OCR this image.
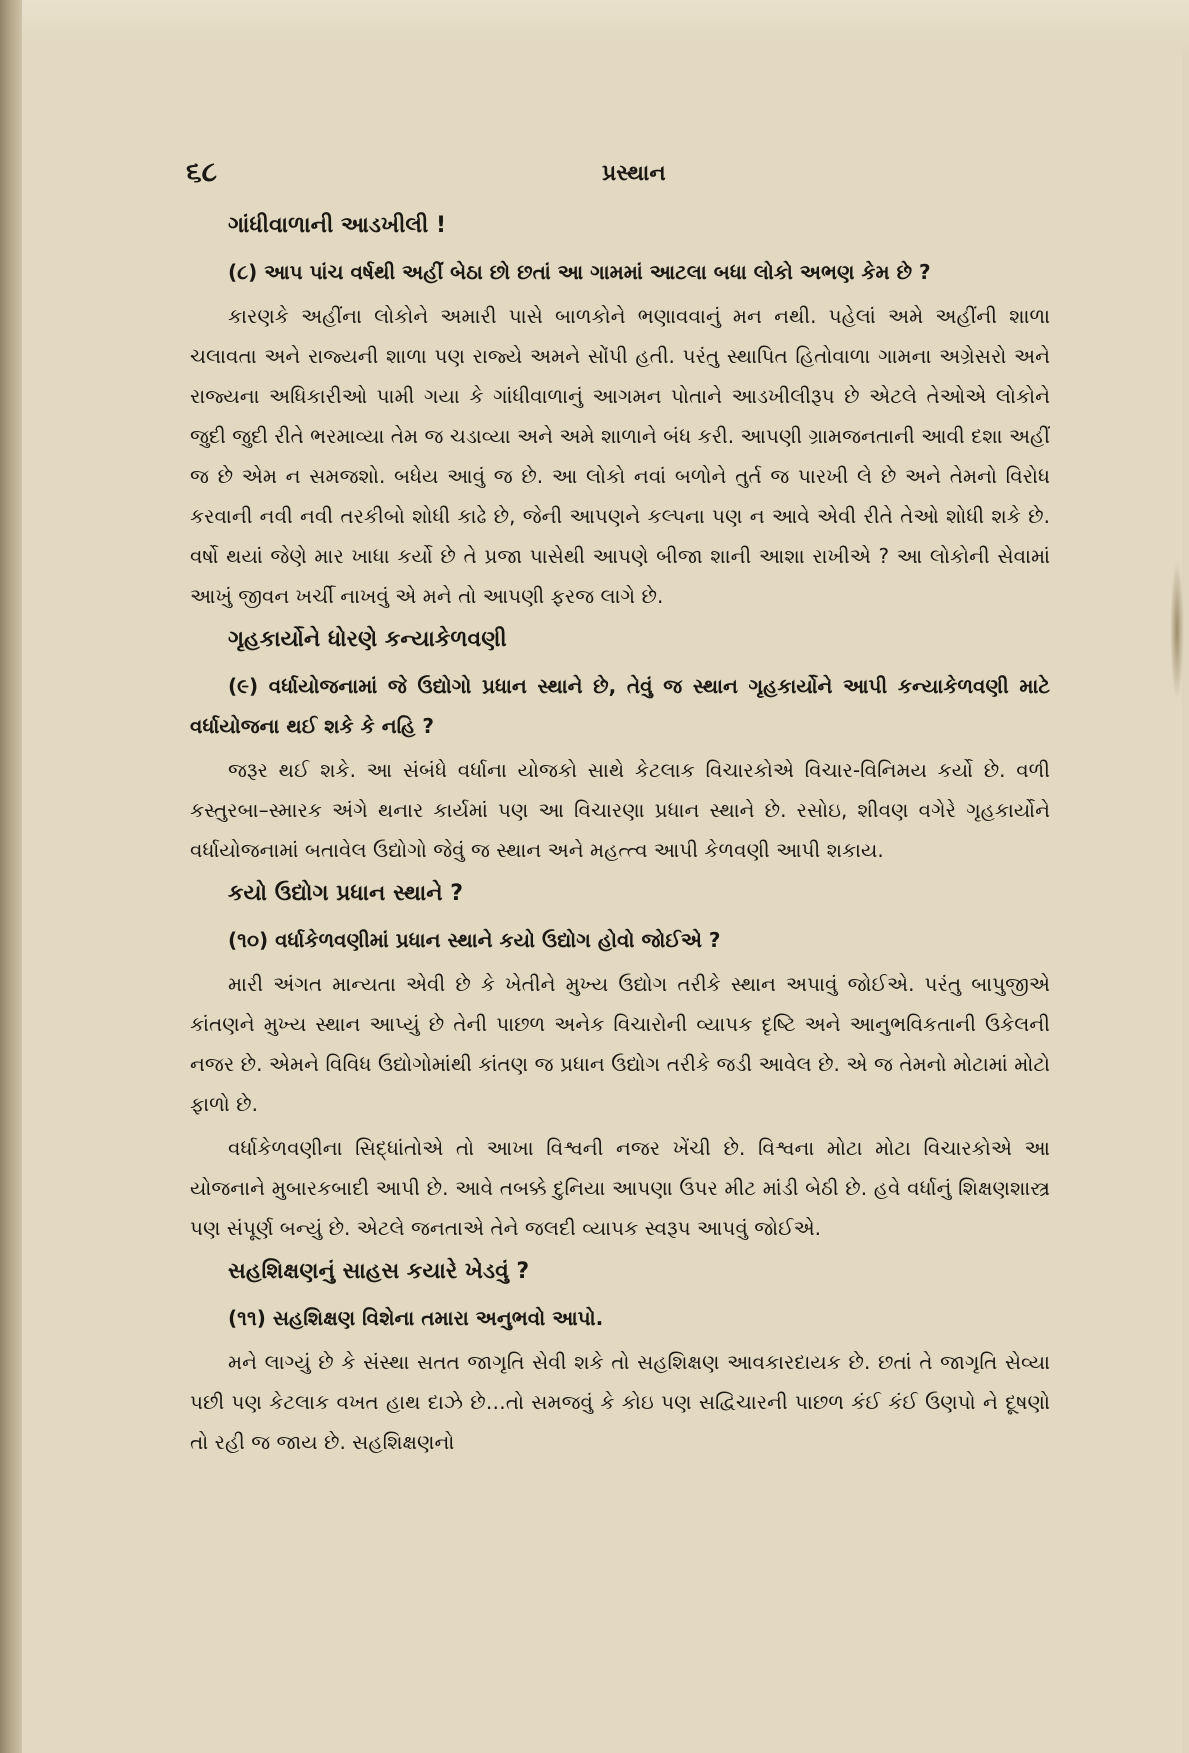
૬૮	પ્રસ્થાન
ગાંધીવાળાની આડખીલી !

(૮) આપ પાંચ વર્ષથી અહીં બેઠા છો છતાં આ ગામમાં આટલા બધા લોકો અભણ કેમ છે ?

કારણકે અહીંના લોકોને અમારી પાસે બાળકોને ભણાવવાનું મન નથી. પહેલાં અમે અહીંની શાળા ચલાવતા અને રાજ્યની શાળા પણ રાજ્યે અમને સોંપી હતી. પરંતુ સ્થાપિત હિતોવાળા ગામના અગ્રેસરો અને રાજ્યના અધિકારીઓ પામી ગયા કે ગાંધીવાળાનું આગમન પોતાને આડખીલીરૂપ છે એટલે તેઓએ લોકોને જુદી જુદી રીતે ભરમાવ્યા તેમ જ ચડાવ્યા અને અમે શાળાને બંધ કરી. આપણી ગ્રામજનતાની આવી દશા અહીં જ છે એમ ન સમજશો. બધેય આવું જ છે. આ લોકો નવાં બળોને તુર્ત જ પારખી લે છે અને તેમનો વિરોધ કરવાની નવી નવી તરકીબો શોધી કાઢે છે, જેની આપણને કલ્પના પણ ન આવે એવી રીતે તેઓ શોધી શકે છે. વર્ષો થયાં જેણે માર ખાધા કર્યો છે તે પ્રજા પાસેથી આપણે બીજા શાની આશા રાખીએ ? આ લોકોની સેવામાં આખું જીવન ખર્ચી નાખવું એ મને તો આપણી ફરજ લાગે છે.

ગૃહકાર્યોને ધોરણે કન્યાકેળવણી

(૯) વર્ધાયોજનામાં જે ઉદ્યોગો પ્રધાન સ્થાને છે, તેવું જ સ્થાન ગૃહકાર્યોને આપી કન્યાકેળવણી માટે વર્ધાયોજના થઈ શકે કે નહિ ?

જરૂર થઈ શકે. આ સંબંધે વર્ધાના યોજકો સાથે કેટલાક વિચારકોએ વિચાર-વિનિમય કર્યો છે. વળી કસ્તુરબા–સ્મારક અંગે થનાર કાર્યમાં પણ આ વિચારણા પ્રધાન સ્થાને છે. રસોઇ, શીવણ વગેરે ગૃહકાર્યોને વર્ધાયોજનામાં બતાવેલ ઉદ્યોગો જેવું જ સ્થાન અને મહત્ત્વ આપી કેળવણી આપી શકાય.

કયો ઉદ્યોગ પ્રધાન સ્થાને ?

(૧૦) વર્ધાકેળવણીમાં પ્રધાન સ્થાને કયો ઉદ્યોગ હોવો જોઈએ ?

મારી અંગત માન્યતા એવી છે કે ખેતીને મુખ્ય ઉદ્યોગ તરીકે સ્થાન અપાવું જોઈએ. પરંતુ બાપુજીએ કાંતણને મુખ્ય સ્થાન આપ્યું છે તેની પાછળ અનેક વિચારોની વ્યાપક દૃષ્ટિ અને આનુભવિકતાની ઉકેલની નજર છે. એમને વિવિધ ઉદ્યોગોમાંથી કાંતણ જ પ્રધાન ઉદ્યોગ તરીકે જડી આવેલ છે. એ જ તેમનો મોટામાં મોટો ફાળો છે.

વર્ધાકેળવણીના સિદ્ધાંતોએ તો આખા વિશ્વની નજર ખેંચી છે. વિશ્વના મોટા મોટા વિચારકોએ આ યોજનાને મુબારકબાદી આપી છે. આવે તબક્કે દુનિયા આપણા ઉપર મીટ માંડી બેઠી છે. હવે વર્ધાનું શિક્ષણશાસ્ત્ર પણ સંપૂર્ણ બન્યું છે. એટલે જનતાએ તેને જલદી વ્યાપક સ્વરૂપ આપવું જોઈએ.

સહશિક્ષણનું સાહસ કયારે ખેડવું ?

(૧૧) સહશિક્ષણ વિશેના તમારા અનુભવો આપો.

મને લાગ્યું છે કે સંસ્થા સતત જાગૃતિ સેવી શકે તો સહશિક્ષણ આવકારદાયક છે. છતાં તે જાગૃતિ સેવ્યા પછી પણ કેટલાક વખત હાથ દાઝે છે…તો સમજવું કે કોઇ પણ સદ્વિચારની પાછળ કંઈ કંઈ ઉણપો ને દૂષણો તો રહી જ જાય છે. સહશિક્ષણનો
